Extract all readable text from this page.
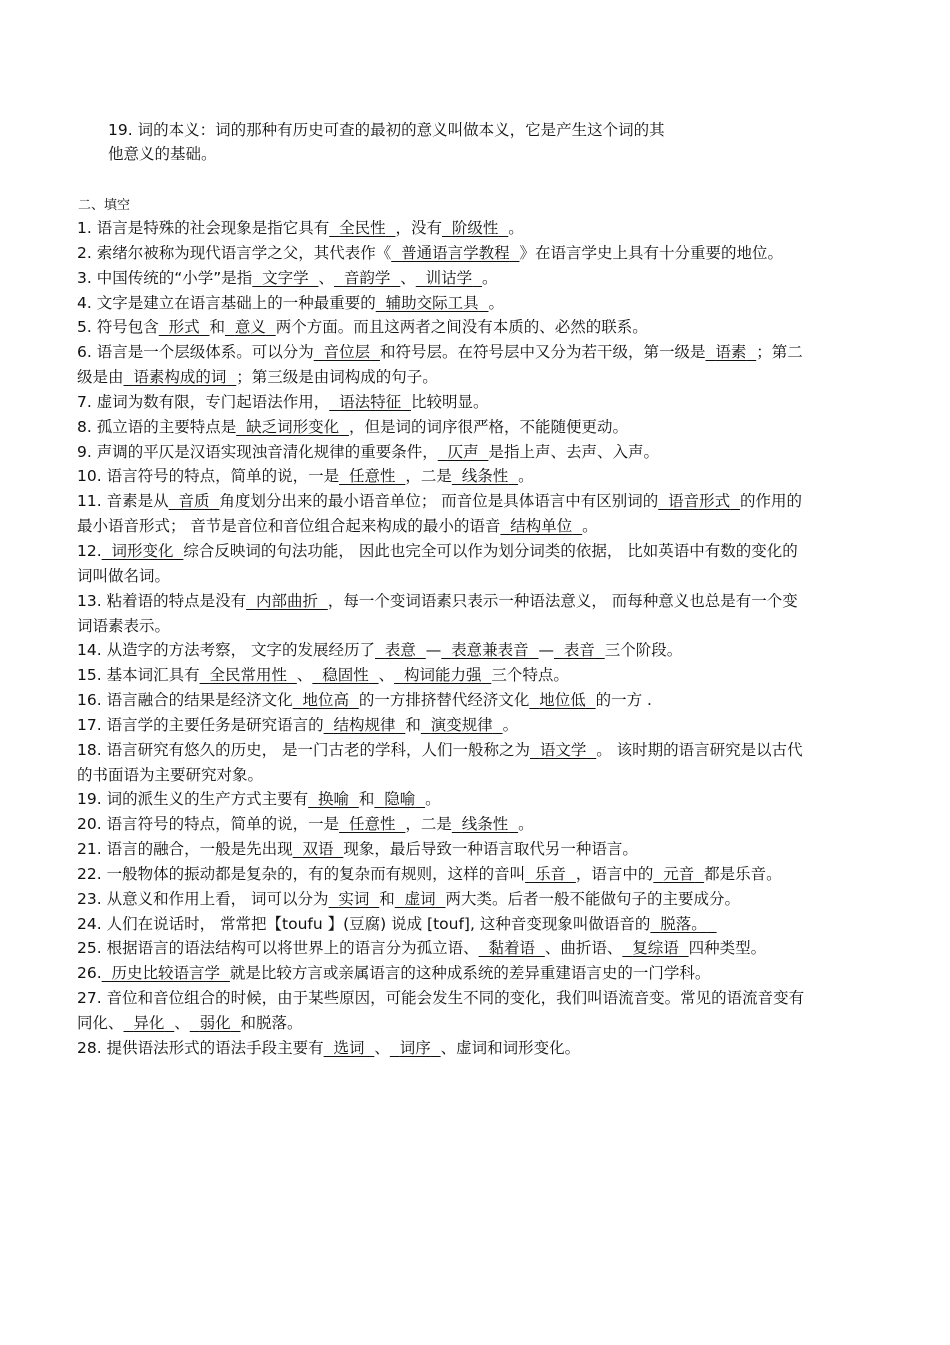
19. 词的本义：词的那种有历史可查的最初的意义叫做本义，它是产生这个词的其
他意义的基础。
二、填空
1. 语言是特殊的社会现象是指它具有 全民性 ，没有 阶级性 。
2. 索绪尔被称为现代语言学之父，其代表作《 普通语言学教程 》在语言学史上具有十分重要的地位。
3. 中国传统的“小学”是指 文字学 、 音韵学 、 训诂学 。
4. 文字是建立在语言基础上的一种最重要的 辅助交际工具 。
5. 符号包含 形式 和 意义 两个方面。而且这两者之间没有本质的、必然的联系。
6. 语言是一个层级体系。可以分为 音位层 和符号层。在符号层中又分为若干级，第一级是 语素 ；第二级是由 语素构成的词 ；第三级是由词构成的句子。
7. 虚词为数有限，专门起语法作用， 语法特征 比较明显。
8. 孤立语的主要特点是 缺乏词形变化 ，但是词的词序很严格，不能随便更动。
9. 声调的平仄是汉语实现浊音清化规律的重要条件， 仄声 是指上声、去声、入声。
10. 语言符号的特点，简单的说，一是 任意性 ，二是 线条性 。
11. 音素是从 音质 角度划分出来的最小语音单位； 而音位是具体语言中有区别词的 语音形式 的作用的最小语音形式； 音节是音位和音位组合起来构成的最小的语音 结构单位 。
12. 词形变化 综合反映词的句法功能， 因此也完全可以作为划分词类的依据， 比如英语中有数的变化的词叫做名词。
13. 粘着语的特点是没有 内部曲折 ，每一个变词语素只表示一种语法意义， 而每种意义也总是有一个变词语素表示。
14. 从造字的方法考察， 文字的发展经历了 表意 — 表意兼表音 — 表音 三个阶段。
15. 基本词汇具有 全民常用性 、 稳固性 、 构词能力强 三个特点。
16. 语言融合的结果是经济文化 地位高 的一方排挤替代经济文化 地位低 的一方 .
17. 语言学的主要任务是研究语言的 结构规律 和 演变规律 。
18. 语言研究有悠久的历史， 是一门古老的学科，人们一般称之为 语文学 。 该时期的语言研究是以古代的书面语为主要研究对象。
19. 词的派生义的生产方式主要有 换喻 和 隐喻 。
20. 语言符号的特点，简单的说，一是 任意性 ，二是 线条性 。
21. 语言的融合，一般是先出现 双语 现象，最后导致一种语言取代另一种语言。
22. 一般物体的振动都是复杂的，有的复杂而有规则，这样的音叫 乐音 ，语言中的 元音 都是乐音。
23. 从意义和作用上看， 词可以分为 实词 和 虚词 两大类。后者一般不能做句子的主要成分。
24. 人们在说话时， 常常把【toufu 】(豆腐) 说成 [touf], 这种音变现象叫做语音的 脱落。
25. 根据语言的语法结构可以将世界上的语言分为孤立语、 黏着语 、曲折语、 复综语 四种类型。
26. 历史比较语言学 就是比较方言或亲属语言的这种成系统的差异重建语言史的一门学科。
27. 音位和音位组合的时候，由于某些原因，可能会发生不同的变化，我们叫语流音变。常见的语流音变有同化、 异化 、 弱化 和脱落。
28. 提供语法形式的语法手段主要有 选词 、 词序 、虚词和词形变化。
